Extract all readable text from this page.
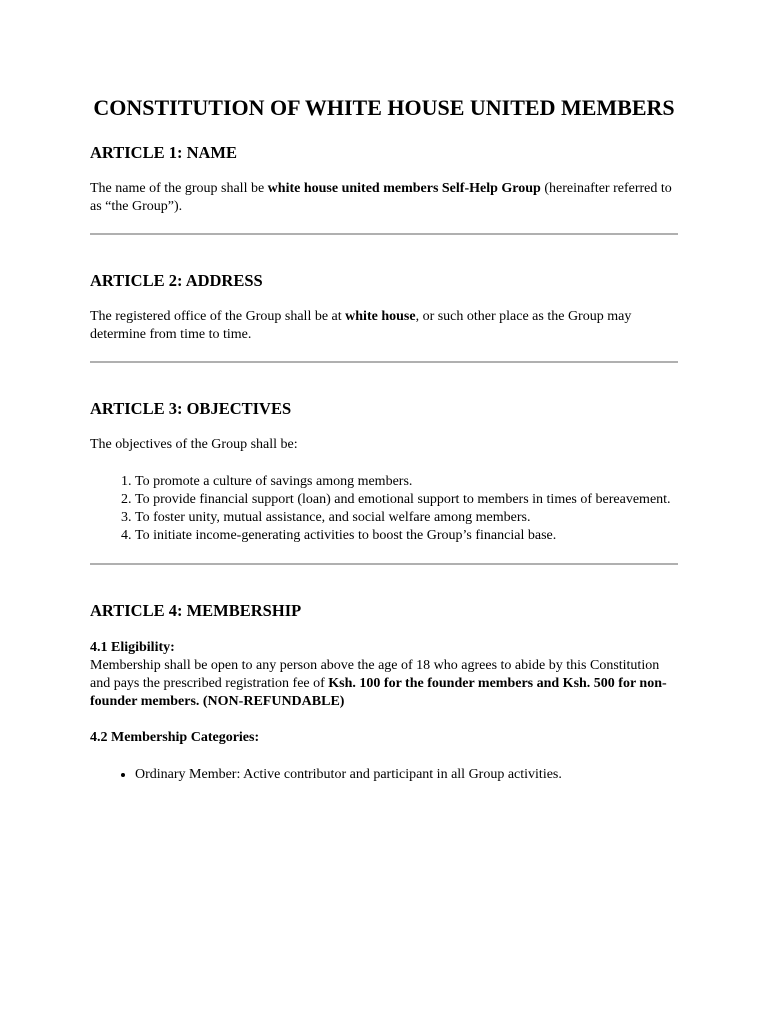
CONSTITUTION OF WHITE HOUSE UNITED MEMBERS
ARTICLE 1: NAME

The name of the group shall be white house united members Self-Help Group (hereinafter referred to as “the Group”).

ARTICLE 2: ADDRESS

The registered office of the Group shall be at white house, or such other place as the Group may determine from time to time.

ARTICLE 3: OBJECTIVES

The objectives of the Group shall be:

1. To promote a culture of savings among members.
2. To provide financial support (loan) and emotional support to members in times of bereavement.
3. To foster unity, mutual assistance, and social welfare among members.
4. To initiate income-generating activities to boost the Group’s financial base.
ARTICLE 4: MEMBERSHIP

4.1 Eligibility:

Membership shall be open to any person above the age of 18 who agrees to abide by this Constitution and pays the prescribed registration fee of Ksh. 100 for the founder members and Ksh. 500 for non-founder members. (NON-REFUNDABLE)

4.2 Membership Categories:

• Ordinary Member: Active contributor and participant in all Group activities.
